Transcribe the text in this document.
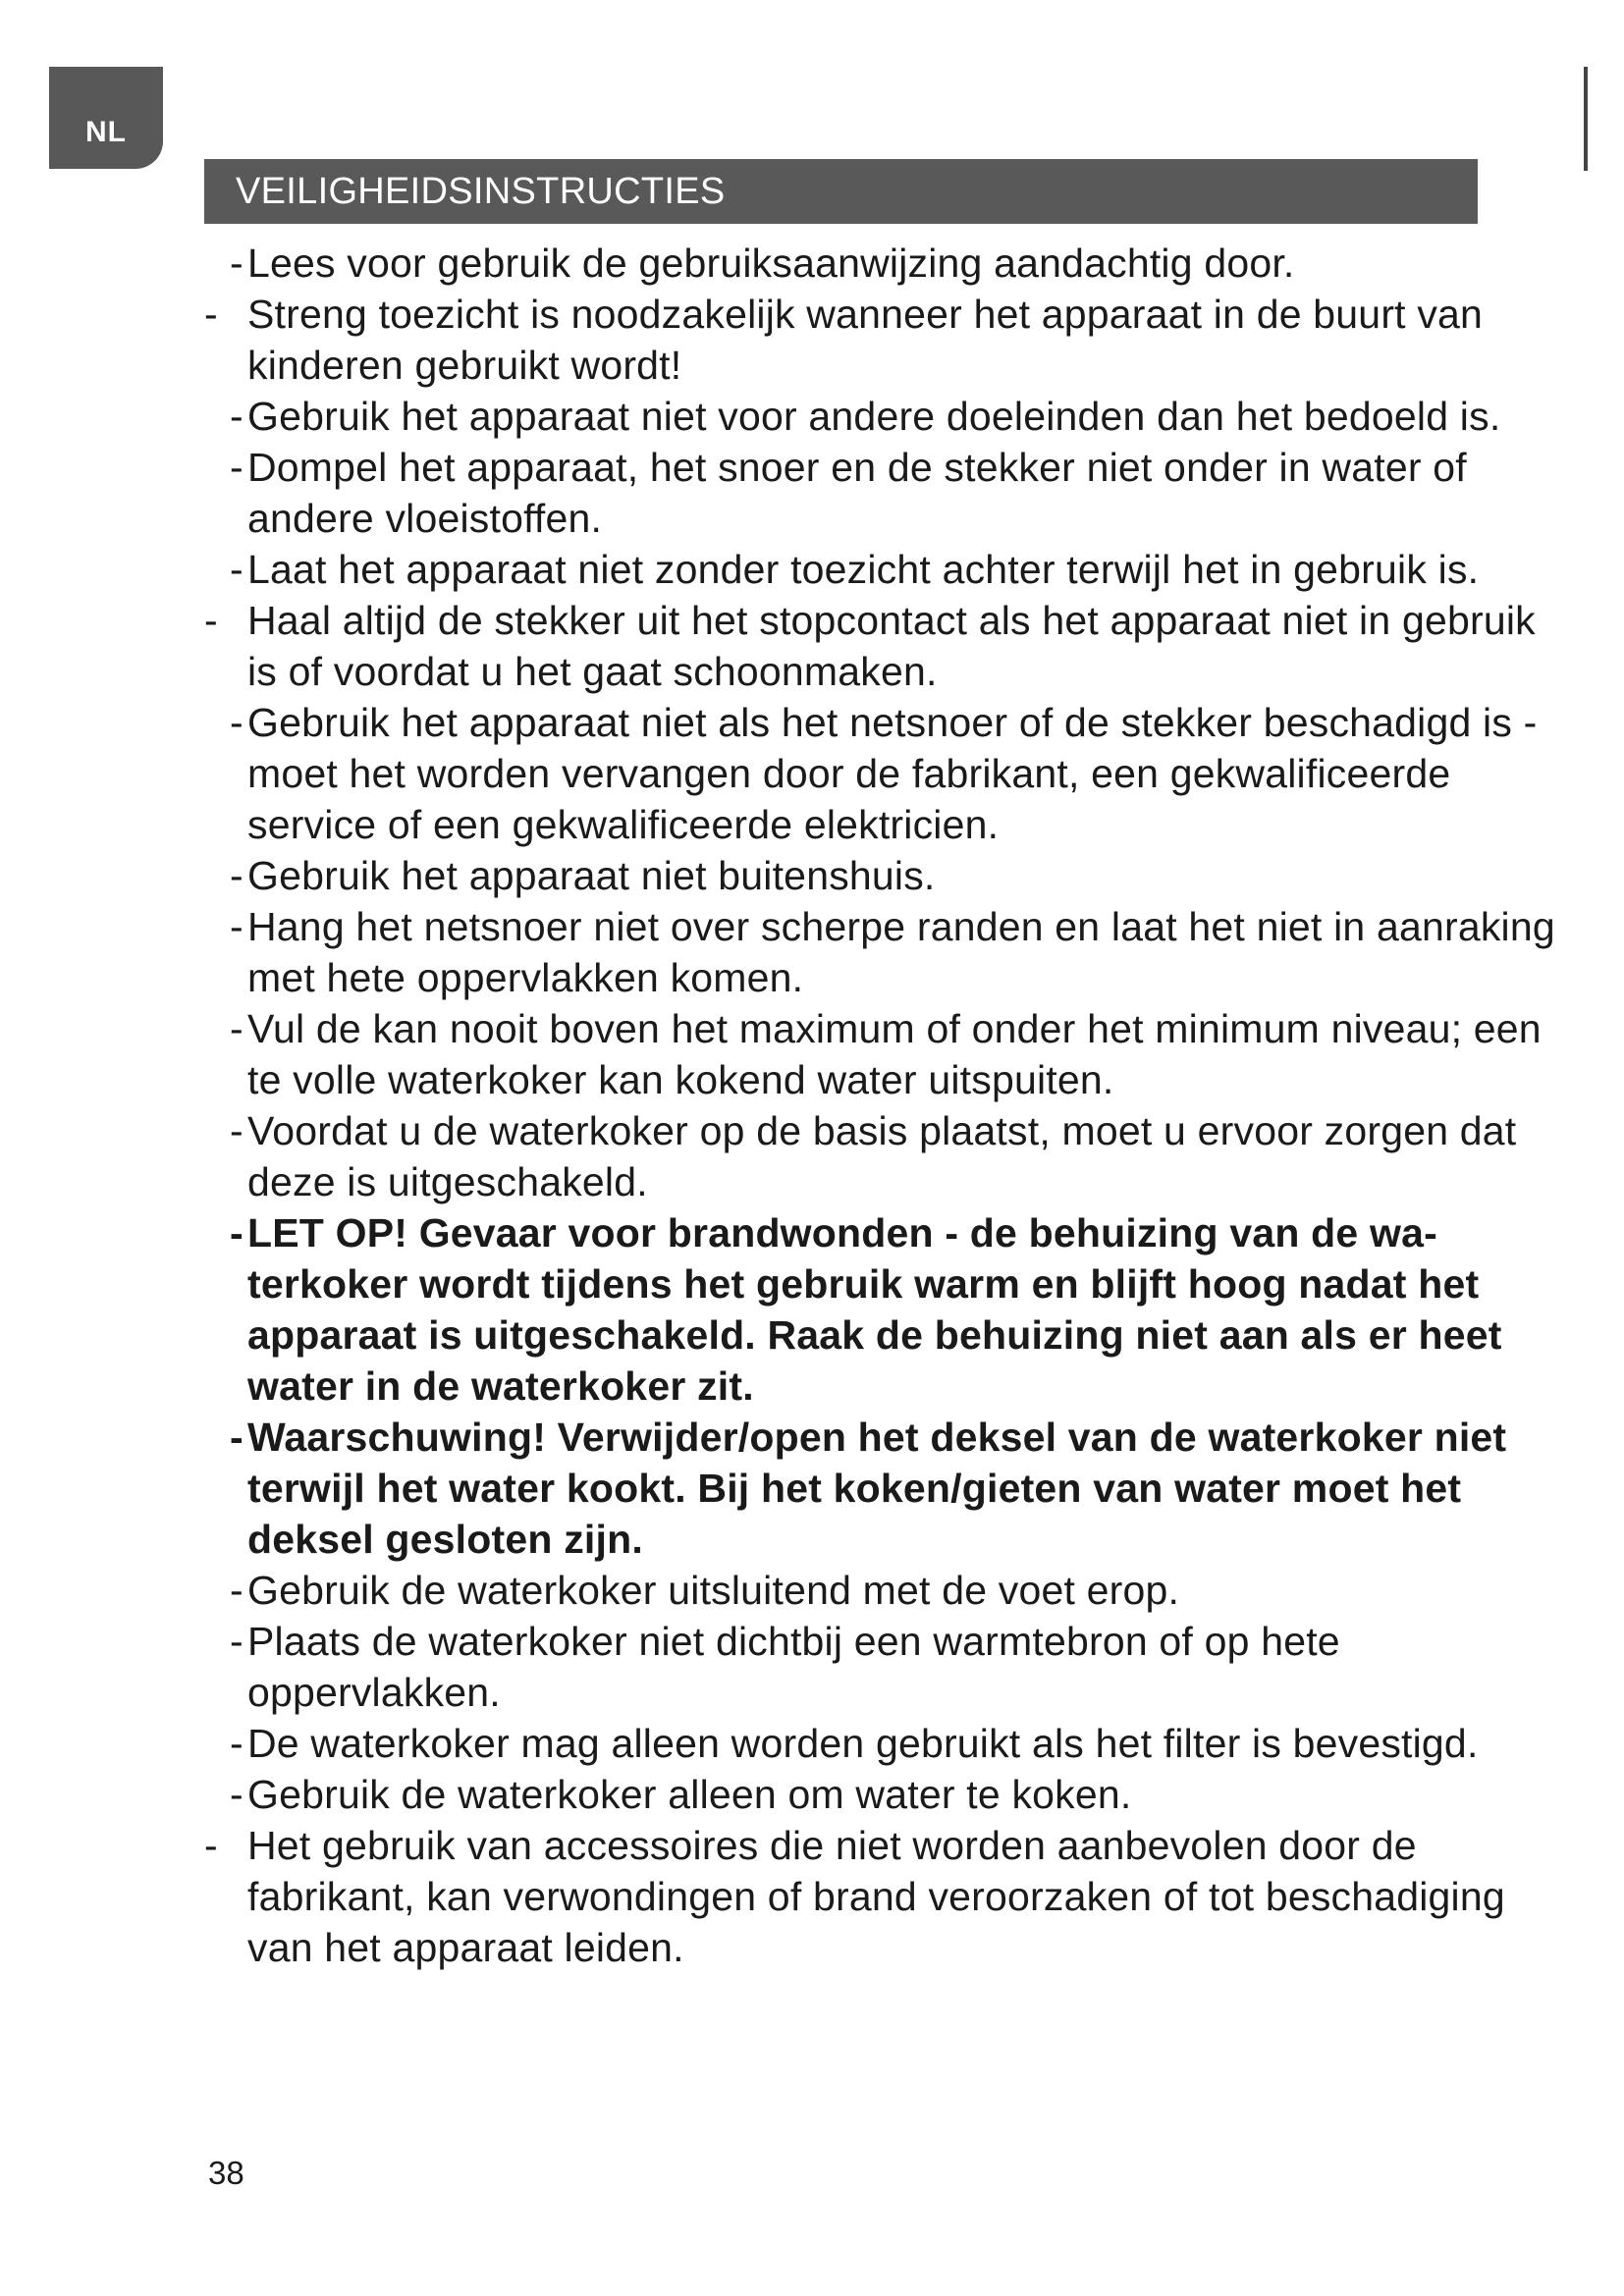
NL
VEILIGHEIDSINSTRUCTIES
- Lees voor gebruik de gebruiksaanwijzing aandachtig door.
- Streng toezicht is noodzakelijk wanneer het apparaat in de buurt van kinderen gebruikt wordt!
- Gebruik het apparaat niet voor andere doeleinden dan het bedoeld is.
- Dompel het apparaat, het snoer en de stekker niet onder in water of andere vloeistoffen.
- Laat het apparaat niet zonder toezicht achter terwijl het in gebruik is.
- Haal altijd de stekker uit het stopcontact als het apparaat niet in gebruik is of voordat u het gaat schoonmaken.
- Gebruik het apparaat niet als het netsnoer of de stekker beschadigd is - moet het worden vervangen door de fabrikant, een gekwalificeerde service of een gekwalificeerde elektricien.
- Gebruik het apparaat niet buitenshuis.
- Hang het netsnoer niet over scherpe randen en laat het niet in aanraking met hete oppervlakken komen.
- Vul de kan nooit boven het maximum of onder het minimum niveau; een te volle waterkoker kan kokend water uitspuiten.
- Voordat u de waterkoker op de basis plaatst, moet u ervoor zorgen dat deze is uitgeschakeld.
- LET OP! Gevaar voor brandwonden - de behuizing van de waterkoker wordt tijdens het gebruik warm en blijft hoog nadat het apparaat is uitgeschakeld. Raak de behuizing niet aan als er heet water in de waterkoker zit.
- Waarschuwing! Verwijder/open het deksel van de waterkoker niet terwijl het water kookt. Bij het koken/gieten van water moet het deksel gesloten zijn.
- Gebruik de waterkoker uitsluitend met de voet erop.
- Plaats de waterkoker niet dichtbij een warmtebron of op hete oppervlakken.
- De waterkoker mag alleen worden gebruikt als het filter is bevestigd.
- Gebruik de waterkoker alleen om water te koken.
- Het gebruik van accessoires die niet worden aanbevolen door de fabrikant, kan verwondingen of brand veroorzaken of tot beschadiging van het apparaat leiden.
38
